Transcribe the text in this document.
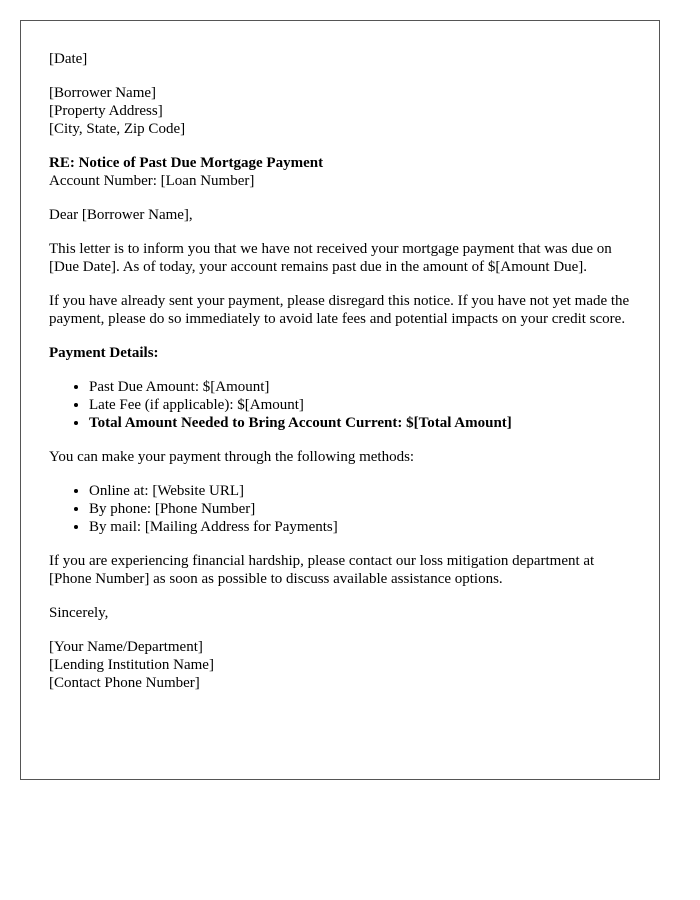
[Date]

[Borrower Name]
[Property Address]
[City, State, Zip Code]
RE: Notice of Past Due Mortgage Payment
Account Number: [Loan Number]

Dear [Borrower Name],

This letter is to inform you that we have not received your mortgage payment that was due on [Due Date]. As of today, your account remains past due in the amount of $[Amount Due].

If you have already sent your payment, please disregard this notice. If you have not yet made the payment, please do so immediately to avoid late fees and potential impacts on your credit score.

Payment Details:

• Past Due Amount: $[Amount]
• Late Fee (if applicable): $[Amount]
• Total Amount Needed to Bring Account Current: $[Total Amount]

You can make your payment through the following methods:

• Online at: [Website URL]
• By phone: [Phone Number]
• By mail: [Mailing Address for Payments]

If you are experiencing financial hardship, please contact our loss mitigation department at [Phone Number] as soon as possible to discuss available assistance options.

Sincerely,

[Your Name/Department]
[Lending Institution Name]
[Contact Phone Number]
